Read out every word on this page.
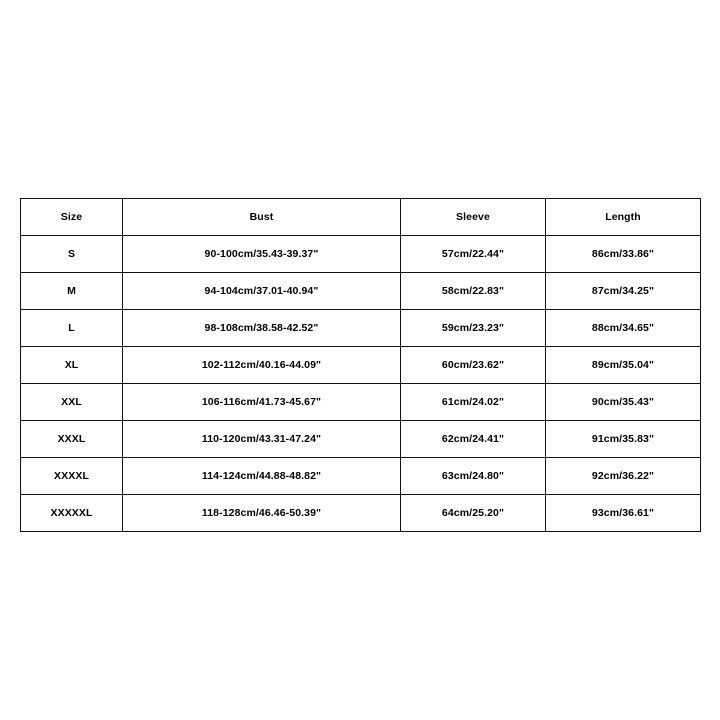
Size	Bust	Sleeve	Length
S	90-100cm/35.43-39.37"	57cm/22.44"	86cm/33.86"
M	94-104cm/37.01-40.94"	58cm/22.83"	87cm/34.25"
L	98-108cm/38.58-42.52"	59cm/23.23"	88cm/34.65"
XL	102-112cm/40.16-44.09"	60cm/23.62"	89cm/35.04"
XXL	106-116cm/41.73-45.67"	61cm/24.02"	90cm/35.43"
XXXL	110-120cm/43.31-47.24"	62cm/24.41"	91cm/35.83"
XXXXL	114-124cm/44.88-48.82"	63cm/24.80"	92cm/36.22"
XXXXXL	118-128cm/46.46-50.39"	64cm/25.20"	93cm/36.61"
